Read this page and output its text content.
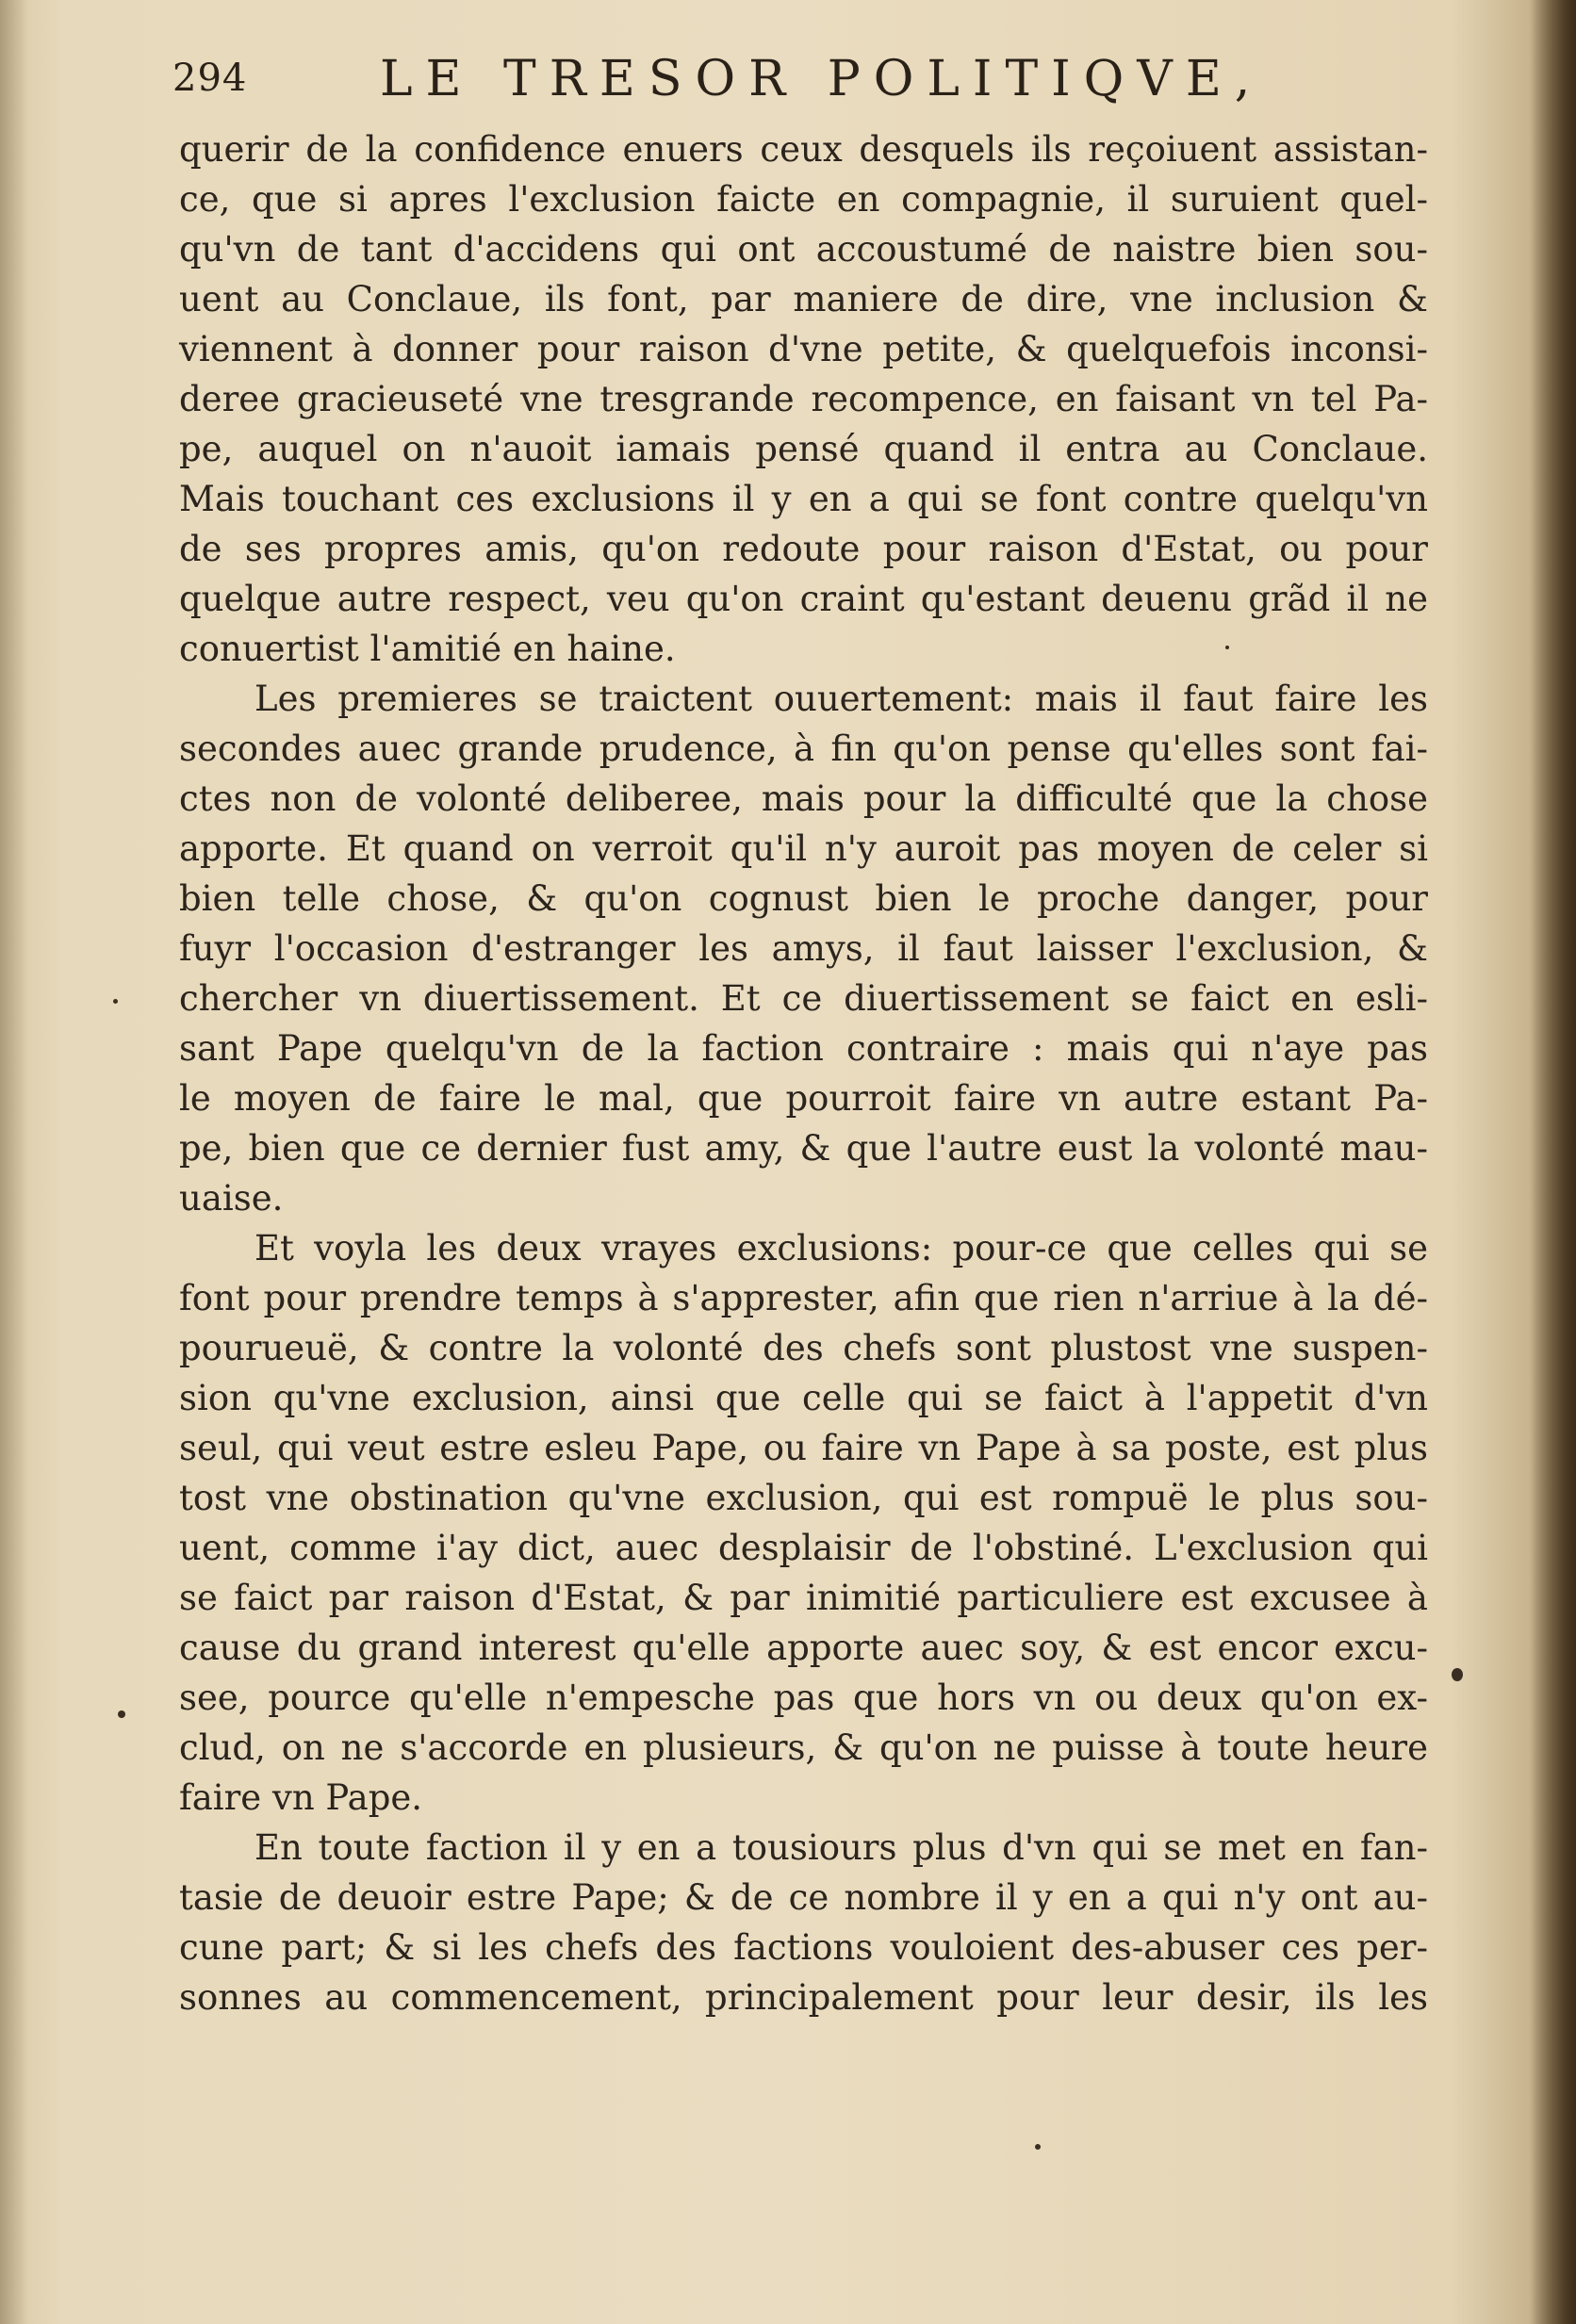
294	LE TRESOR POLITIQVE,
querir de la confidence enuers ceux desquels ils reçoiuent assistan-
ce, que si apres l'exclusion faicte en compagnie, il suruient quel-
qu'vn de tant d'accidens qui ont accoustumé de naistre bien sou-
uent au Conclaue, ils font, par maniere de dire, vne inclusion &
viennent à donner pour raison d'vne petite, & quelquefois inconsi-
deree gracieuseté vne tresgrande recompence, en faisant vn tel Pa-
pe, auquel on n'auoit iamais pensé quand il entra au Conclaue.
Mais touchant ces exclusions il y en a qui se font contre quelqu'vn
de ses propres amis, qu'on redoute pour raison d'Estat, ou pour
quelque autre respect, veu qu'on craint qu'estant deuenu grãd il ne
conuertist l'amitié en haine.
Les premieres se traictent ouuertement: mais il faut faire les
secondes auec grande prudence, à fin qu'on pense qu'elles sont fai-
ctes non de volonté deliberee, mais pour la difficulté que la chose
apporte. Et quand on verroit qu'il n'y auroit pas moyen de celer si
bien telle chose, & qu'on cognust bien le proche danger, pour
fuyr l'occasion d'estranger les amys, il faut laisser l'exclusion, &
chercher vn diuertissement. Et ce diuertissement se faict en esli-
sant Pape quelqu'vn de la faction contraire : mais qui n'aye pas
le moyen de faire le mal, que pourroit faire vn autre estant Pa-
pe, bien que ce dernier fust amy, & que l'autre eust la volonté mau-
uaise.
Et voyla les deux vrayes exclusions: pour-ce que celles qui se
font pour prendre temps à s'apprester, afin que rien n'arriue à la dé-
pourueuë, & contre la volonté des chefs sont plustost vne suspen-
sion qu'vne exclusion, ainsi que celle qui se faict à l'appetit d'vn
seul, qui veut estre esleu Pape, ou faire vn Pape à sa poste, est plus
tost vne obstination qu'vne exclusion, qui est rompuë le plus sou-
uent, comme i'ay dict, auec desplaisir de l'obstiné. L'exclusion qui
se faict par raison d'Estat, & par inimitié particuliere est excusee à
cause du grand interest qu'elle apporte auec soy, & est encor excu-
see, pource qu'elle n'empesche pas que hors vn ou deux qu'on ex-
clud, on ne s'accorde en plusieurs, & qu'on ne puisse à toute heure
faire vn Pape.
En toute faction il y en a tousiours plus d'vn qui se met en fan-
tasie de deuoir estre Pape; & de ce nombre il y en a qui n'y ont au-
cune part; & si les chefs des factions vouloient des-abuser ces per-
sonnes au commencement, principalement pour leur desir, ils les
